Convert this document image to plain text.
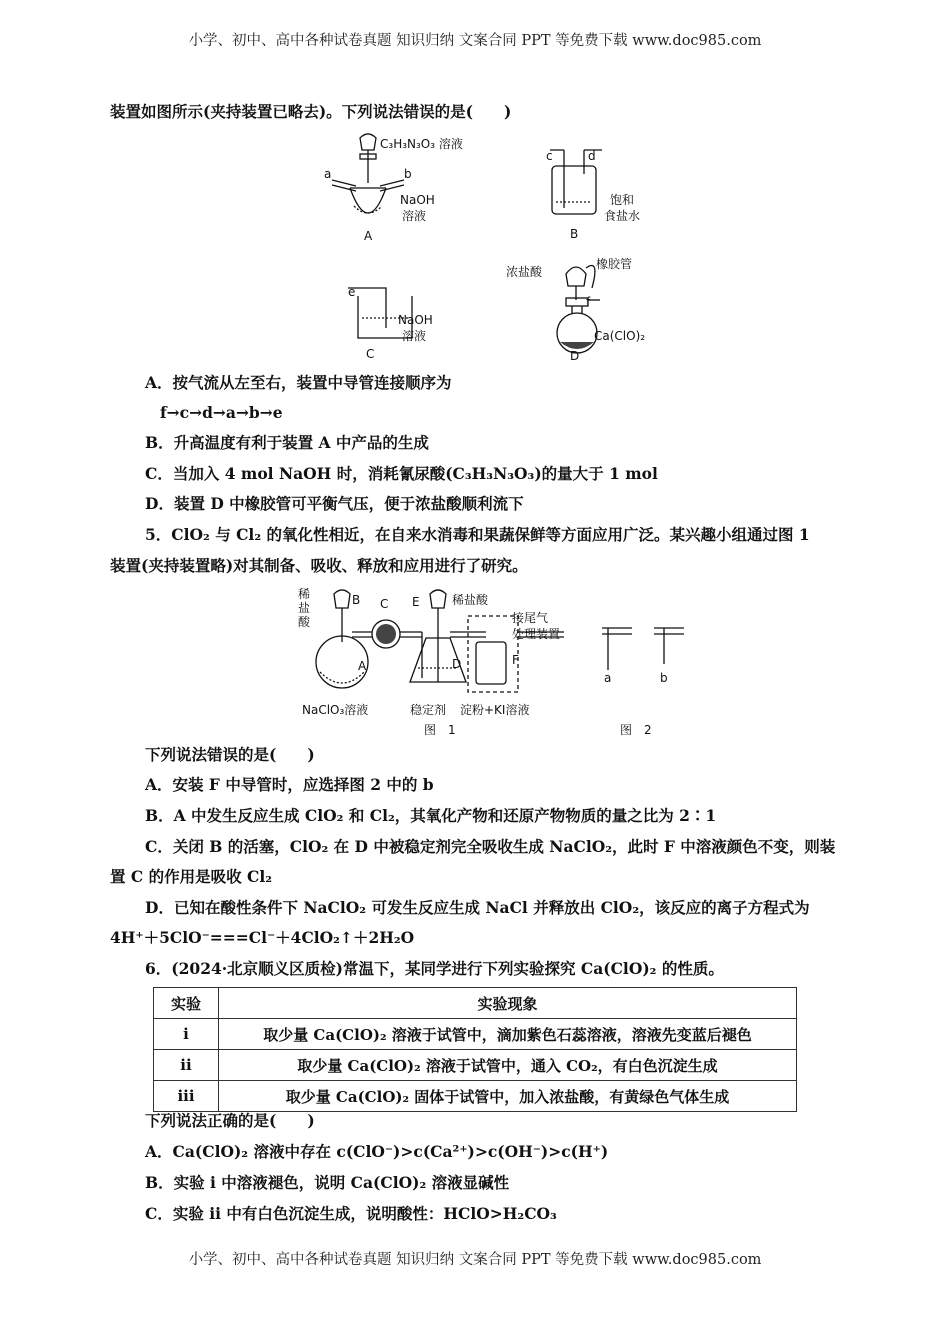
小学、初中、高中各种试卷真题 知识归纳 文案合同 PPT 等免费下载 www.doc985.com
装置如图所示(夹持装置已略去)。下列说法错误的是(　　)
C₃H₃N₃O₃ 溶液
a	b
NaOH
溶液
A
c	d
饱和
食盐水
B
e
NaOH
溶液
C
浓盐酸
橡胶管
f
Ca(ClO)₂
D
A．按气流从左至右，装置中导管连接顺序为
f→c→d→a→b→e
B．升高温度有利于装置 A 中产品的生成
C．当加入 4 mol NaOH 时，消耗氰尿酸(C₃H₃N₃O₃)的量大于 1 mol
D．装置 D 中橡胶管可平衡气压，便于浓盐酸顺利流下
5．ClO₂ 与 Cl₂ 的氧化性相近，在自来水消毒和果蔬保鲜等方面应用广泛。某兴趣小组通过图 1
装置(夹持装置略)对其制备、吸收、释放和应用进行了研究。
稀
盐
酸
B C E	稀盐酸
A	D	F
接尾气
处理装置
NaClO₃溶液	稳定剂 淀粉+KI溶液
图　1
a	b
图　2
下列说法错误的是(　　)
A．安装 F 中导管时，应选择图 2 中的 b
B．A 中发生反应生成 ClO₂ 和 Cl₂，其氧化产物和还原产物物质的量之比为 2∶1
C．关闭 B 的活塞，ClO₂ 在 D 中被稳定剂完全吸收生成 NaClO₂，此时 F 中溶液颜色不变，则装
置 C 的作用是吸收 Cl₂
D．已知在酸性条件下 NaClO₂ 可发生反应生成 NaCl 并释放出 ClO₂，该反应的离子方程式为
4H⁺＋5ClO⁻===Cl⁻＋4ClO₂↑＋2H₂O
6．(2024·北京顺义区质检)常温下，某同学进行下列实验探究 Ca(ClO)₂ 的性质。
实验	实验现象
i	取少量 Ca(ClO)₂ 溶液于试管中，滴加紫色石蕊溶液，溶液先变蓝后褪色
ii	取少量 Ca(ClO)₂ 溶液于试管中，通入 CO₂，有白色沉淀生成
iii	取少量 Ca(ClO)₂ 固体于试管中，加入浓盐酸，有黄绿色气体生成
下列说法正确的是(　　)
A．Ca(ClO)₂ 溶液中存在 c(ClO⁻)>c(Ca²⁺)>c(OH⁻)>c(H⁺)
B．实验 i 中溶液褪色，说明 Ca(ClO)₂ 溶液显碱性
C．实验 ii 中有白色沉淀生成，说明酸性：HClO>H₂CO₃
小学、初中、高中各种试卷真题 知识归纳 文案合同 PPT 等免费下载 www.doc985.com
